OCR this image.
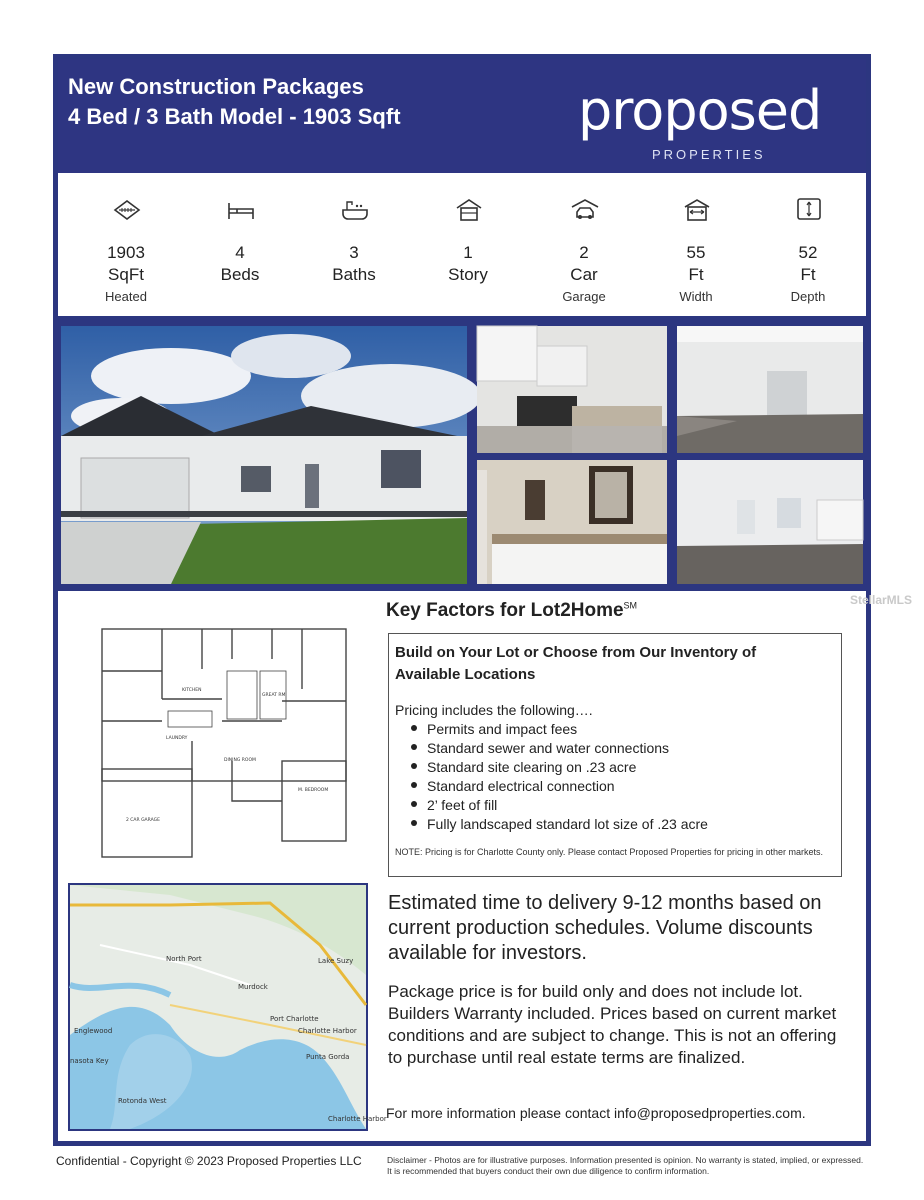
New Construction Packages
4 Bed / 3 Bath Model - 1903 Sqft	proposed
PROPERTIES
1903
SqFt
Heated
4
Beds
3
Baths
1
Story
2
Car
Garage
55
Ft
Width
52
Ft
Depth
2 CAR GARAGE
KITCHEN
GREAT RM
DINING ROOM
M. BEDROOM
LAUNDRY
North Port	Lake Suzy
Murdock
Port Charlotte
Charlotte Harbor
Englewood
Punta Gorda
nasota Key
Rotonda West
Charlotte Harbor
Key Factors for Lot2Home℠
Build on Your Lot or Choose from Our Inventory of Available Locations
Pricing includes the following….
Permits and impact fees
Standard sewer and water connections
Standard site clearing on .23 acre
Standard electrical connection
2’ feet of fill
Fully landscaped standard lot size of .23 acre
NOTE: Pricing is for Charlotte County only. Please contact Proposed Properties for pricing in other markets.
Estimated time to delivery 9-12 months based on current production schedules. Volume discounts available for investors.
Package price is for build only and does not include lot. Builders Warranty included. Prices based on current market conditions and are subject to change. This is not an offering to purchase until real estate terms are finalized.
For more information please contact info@proposedproperties.com.
StellarMLS
Confidential - Copyright © 2023 Proposed Properties LLC	Disclaimer - Photos are for illustrative purposes. Information presented is opinion. No warranty is stated, implied, or expressed. It is recommended that buyers conduct their own due diligence to confirm information.
